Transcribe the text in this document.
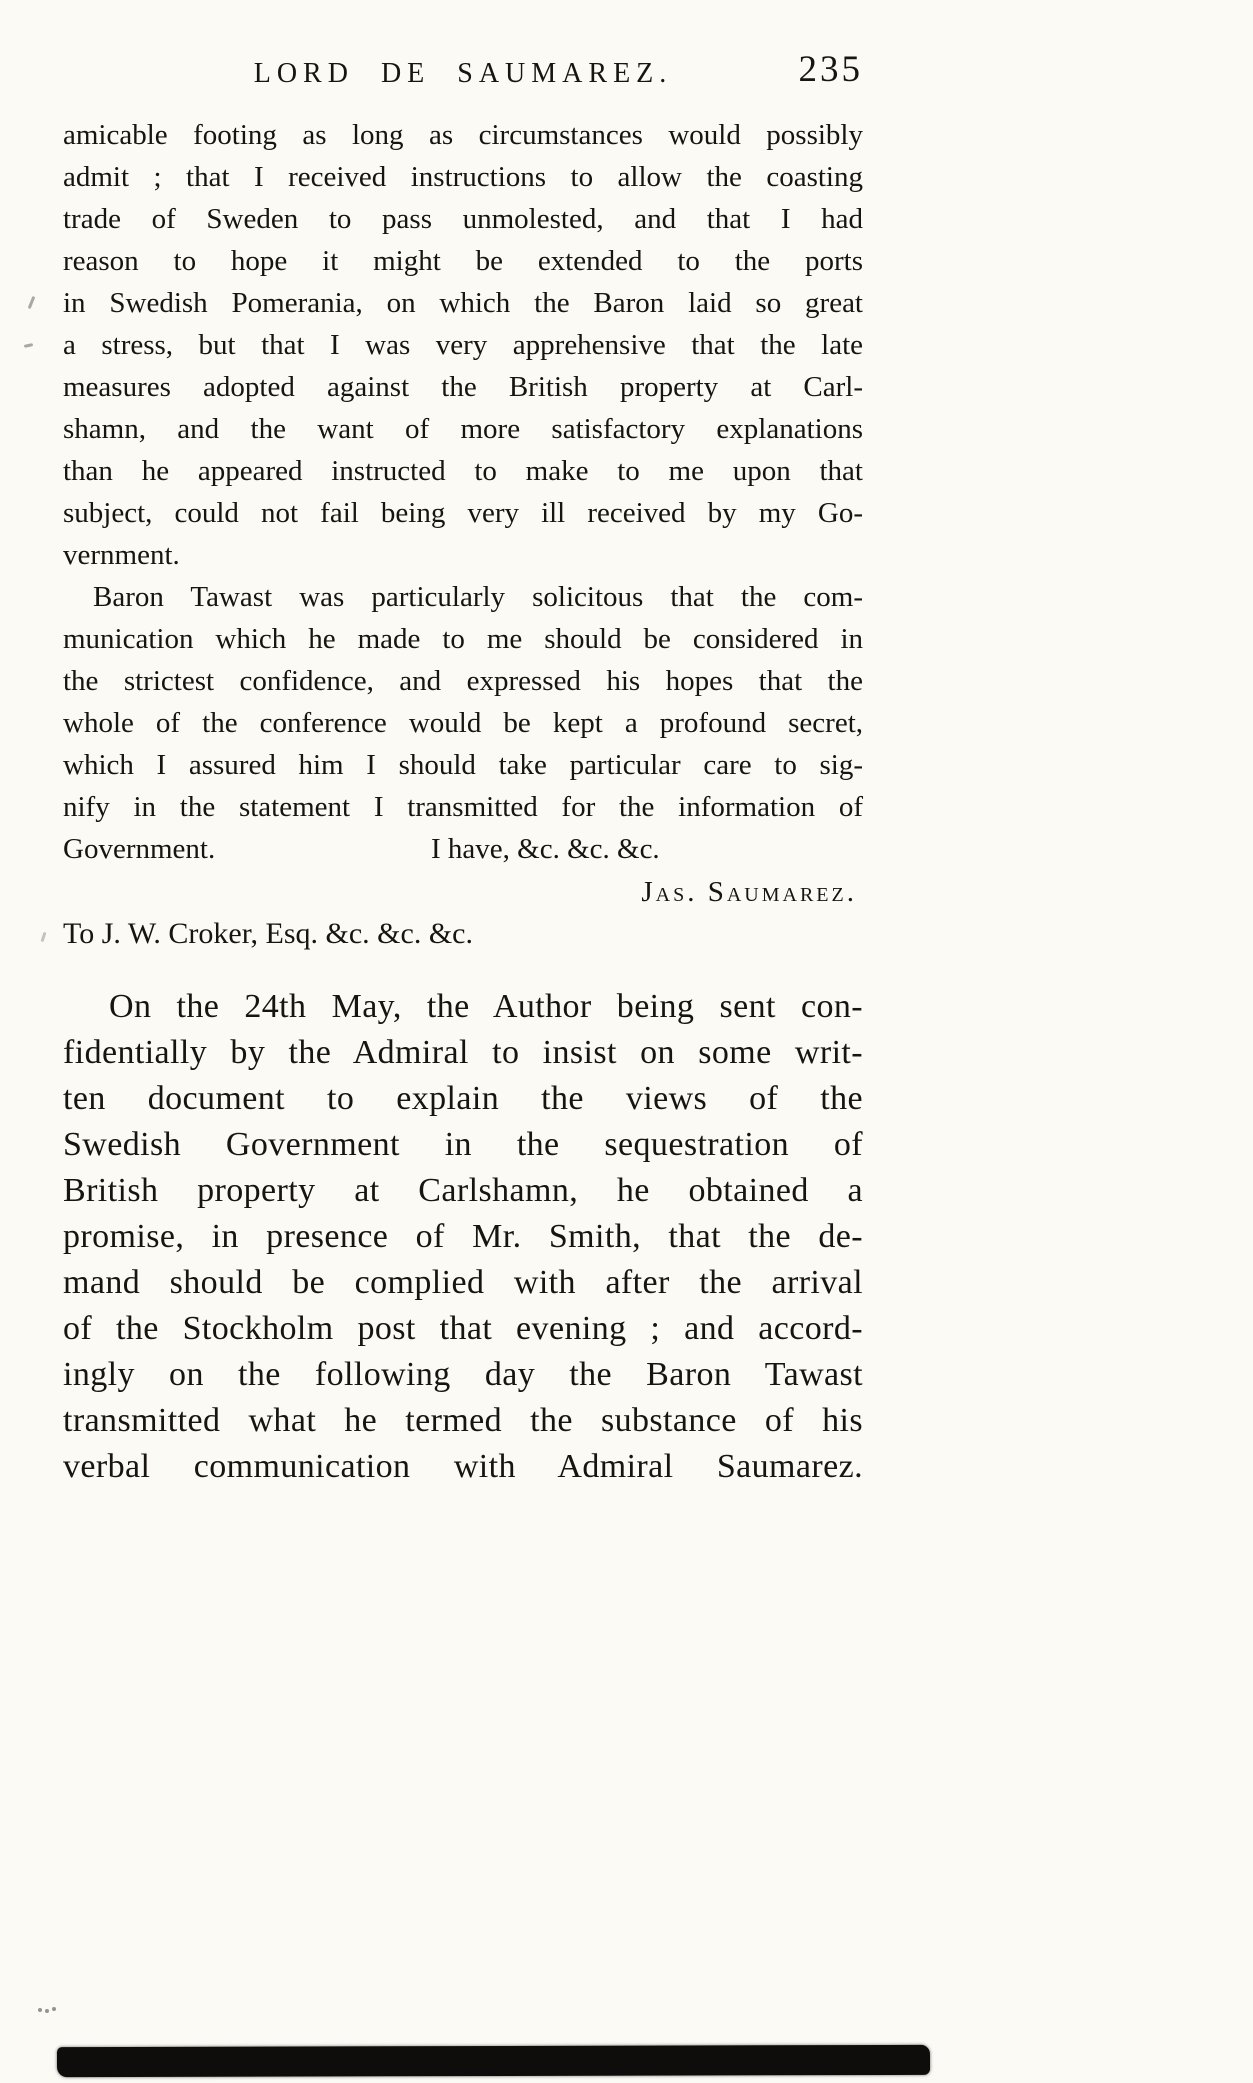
LORD DE SAUMAREZ.	235
amicable footing as long as circumstances would possibly
admit ; that I received instructions to allow the coasting
trade of Sweden to pass unmolested, and that I had
reason to hope it might be extended to the ports
in Swedish Pomerania, on which the Baron laid so great
a stress, but that I was very apprehensive that the late
measures adopted against the British property at Carl-
shamn, and the want of more satisfactory explanations
than he appeared instructed to make to me upon that
subject, could not fail being very ill received by my Go-
vernment.
Baron Tawast was particularly solicitous that the com-
munication which he made to me should be considered in
the strictest confidence, and expressed his hopes that the
whole of the conference would be kept a profound secret,
which I assured him I should take particular care to sig-
nify in the statement I transmitted for the information of
Government.	I have, &c. &c. &c.
Jas. Saumarez.
To J. W. Croker, Esq. &c. &c. &c.
On the 24th May, the Author being sent con-
fidentially by the Admiral to insist on some writ-
ten document to explain the views of the
Swedish Government in the sequestration of
British property at Carlshamn, he obtained a
promise, in presence of Mr. Smith, that the de-
mand should be complied with after the arrival
of the Stockholm post that evening ; and accord-
ingly on the following day the Baron Tawast
transmitted what he termed the substance of his
verbal communication with Admiral Saumarez.
